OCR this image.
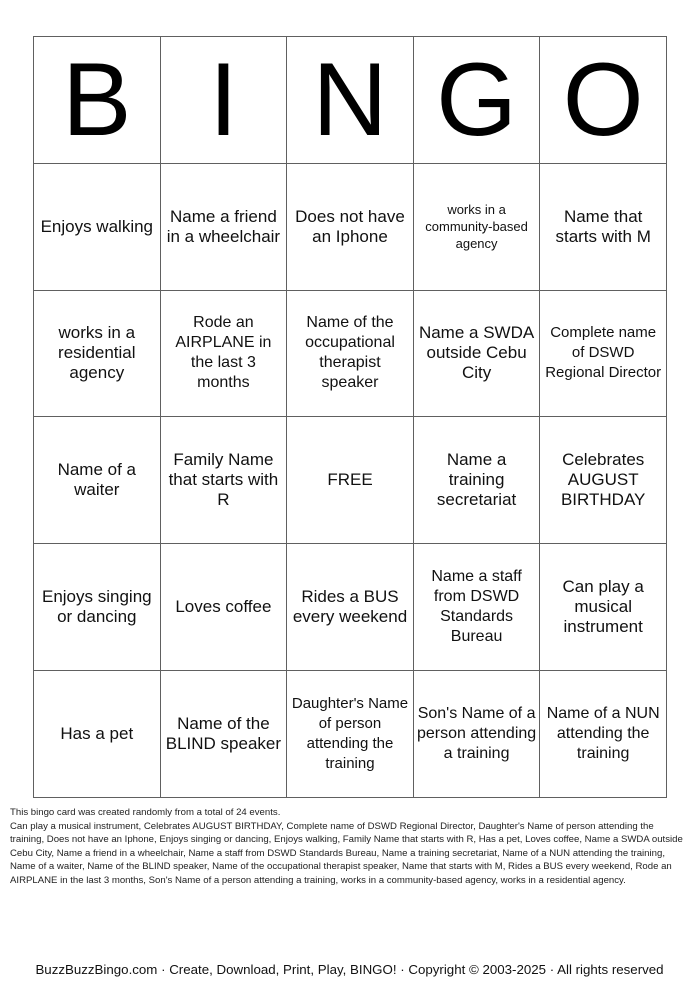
B	I	N	G	O
Enjoys walking	Name a friend in a wheelchair	Does not have an Iphone	works in a community-based agency	Name that starts with M
works in a residential agency	Rode an AIRPLANE in the last 3 months	Name of the occupational therapist speaker	Name a SWDA outside Cebu City	Complete name of DSWD Regional Director
Name of a waiter	Family Name that starts with R	FREE	Name a training secretariat	Celebrates AUGUST BIRTHDAY
Enjoys singing or dancing	Loves coffee	Rides a BUS every weekend	Name a staff from DSWD Standards Bureau	Can play a musical instrument
Has a pet	Name of the BLIND speaker	Daughter's Name of person attending the training	Son's Name of a person attending a training	Name of a NUN attending the training
This bingo card was created randomly from a total of 24 events.
Can play a musical instrument, Celebrates AUGUST BIRTHDAY, Complete name of DSWD Regional Director, Daughter's Name of person attending the training, Does not have an Iphone, Enjoys singing or dancing, Enjoys walking, Family Name that starts with R, Has a pet, Loves coffee, Name a SWDA outside Cebu City, Name a friend in a wheelchair, Name a staff from DSWD Standards Bureau, Name a training secretariat, Name of a NUN attending the training, Name of a waiter, Name of the BLIND speaker, Name of the occupational therapist speaker, Name that starts with M, Rides a BUS every weekend, Rode an AIRPLANE in the last 3 months, Son's Name of a person attending a training, works in a community-based agency, works in a residential agency.
BuzzBuzzBingo.com · Create, Download, Print, Play, BINGO! · Copyright © 2003-2025 · All rights reserved
